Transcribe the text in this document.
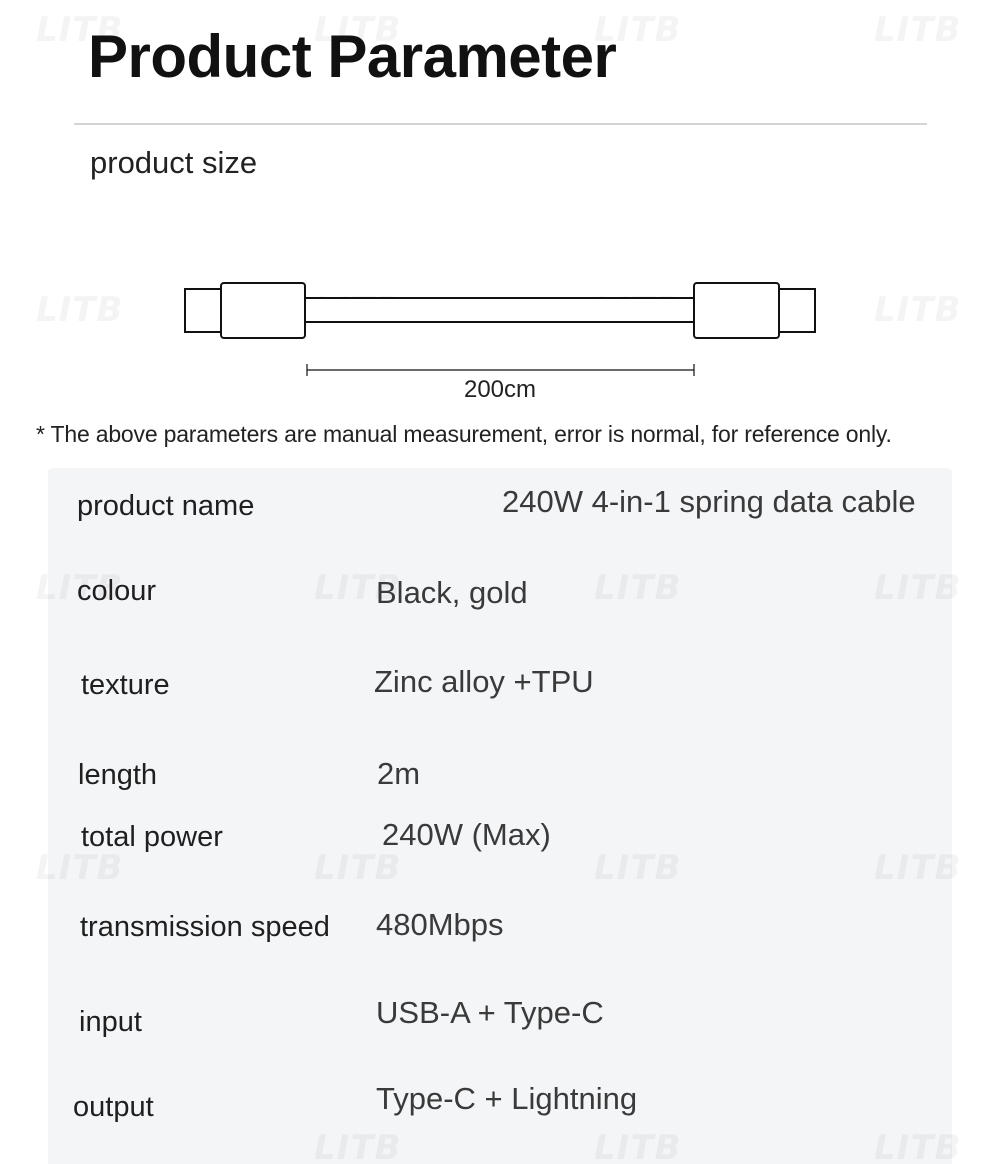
Product Parameter
product size
200cm
* The above parameters are manual measurement, error is normal, for reference only.
product name	240W 4-in-1 spring data cable
colour	Black, gold
texture	Zinc alloy +TPU
length	2m
total power	240W (Max)
transmission speed 480Mbps
input	USB-A + Type-C
output	Type-C + Lightning
